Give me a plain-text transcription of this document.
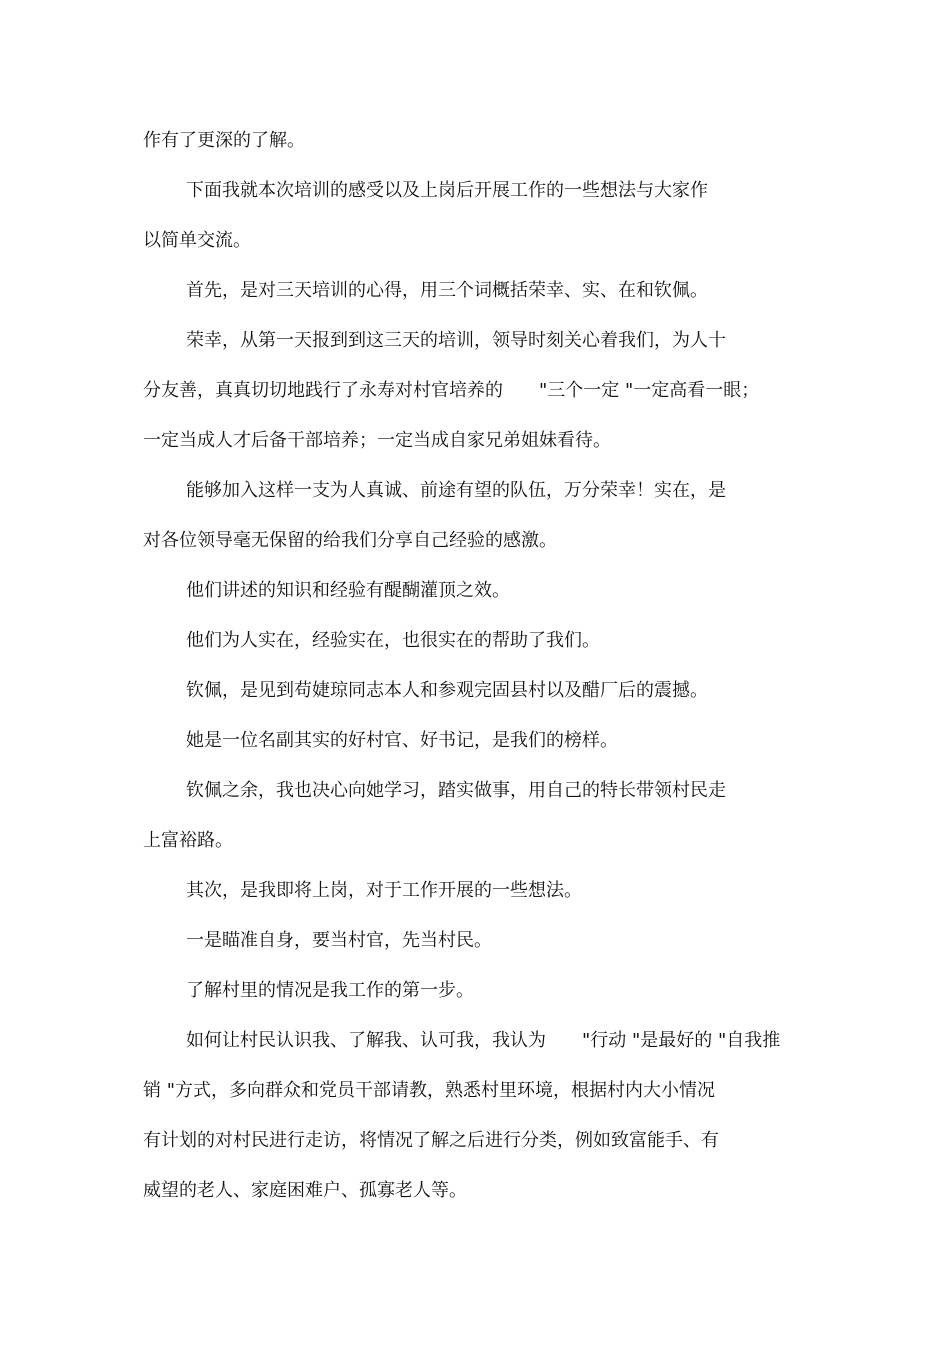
作有了更深的了解。

下面我就本次培训的感受以及上岗后开展工作的一些想法与大家作

以简单交流。

首先，是对三天培训的心得，用三个词概括荣幸、实、在和钦佩。

荣幸，从第一天报到到这三天的培训，领导时刻关心着我们，为人十

分友善，真真切切地践行了永寿对村官培养的　　"三个一定 "一定高看一眼；

一定当成人才后备干部培养；一定当成自家兄弟姐妹看待。

能够加入这样一支为人真诚、前途有望的队伍，万分荣幸！实在，是

对各位领导毫无保留的给我们分享自己经验的感激。

他们讲述的知识和经验有醍醐灌顶之效。

他们为人实在，经验实在，也很实在的帮助了我们。

钦佩，是见到苟婕琼同志本人和参观完固县村以及醋厂后的震撼。

她是一位名副其实的好村官、好书记，是我们的榜样。

钦佩之余，我也决心向她学习，踏实做事，用自己的特长带领村民走

上富裕路。

其次，是我即将上岗，对于工作开展的一些想法。

一是瞄准自身，要当村官，先当村民。

了解村里的情况是我工作的第一步。

如何让村民认识我、了解我、认可我，我认为　　"行动 "是最好的 "自我推

销 "方式，多向群众和党员干部请教，熟悉村里环境，根据村内大小情况

有计划的对村民进行走访，将情况了解之后进行分类，例如致富能手、有

威望的老人、家庭困难户、孤寡老人等。
